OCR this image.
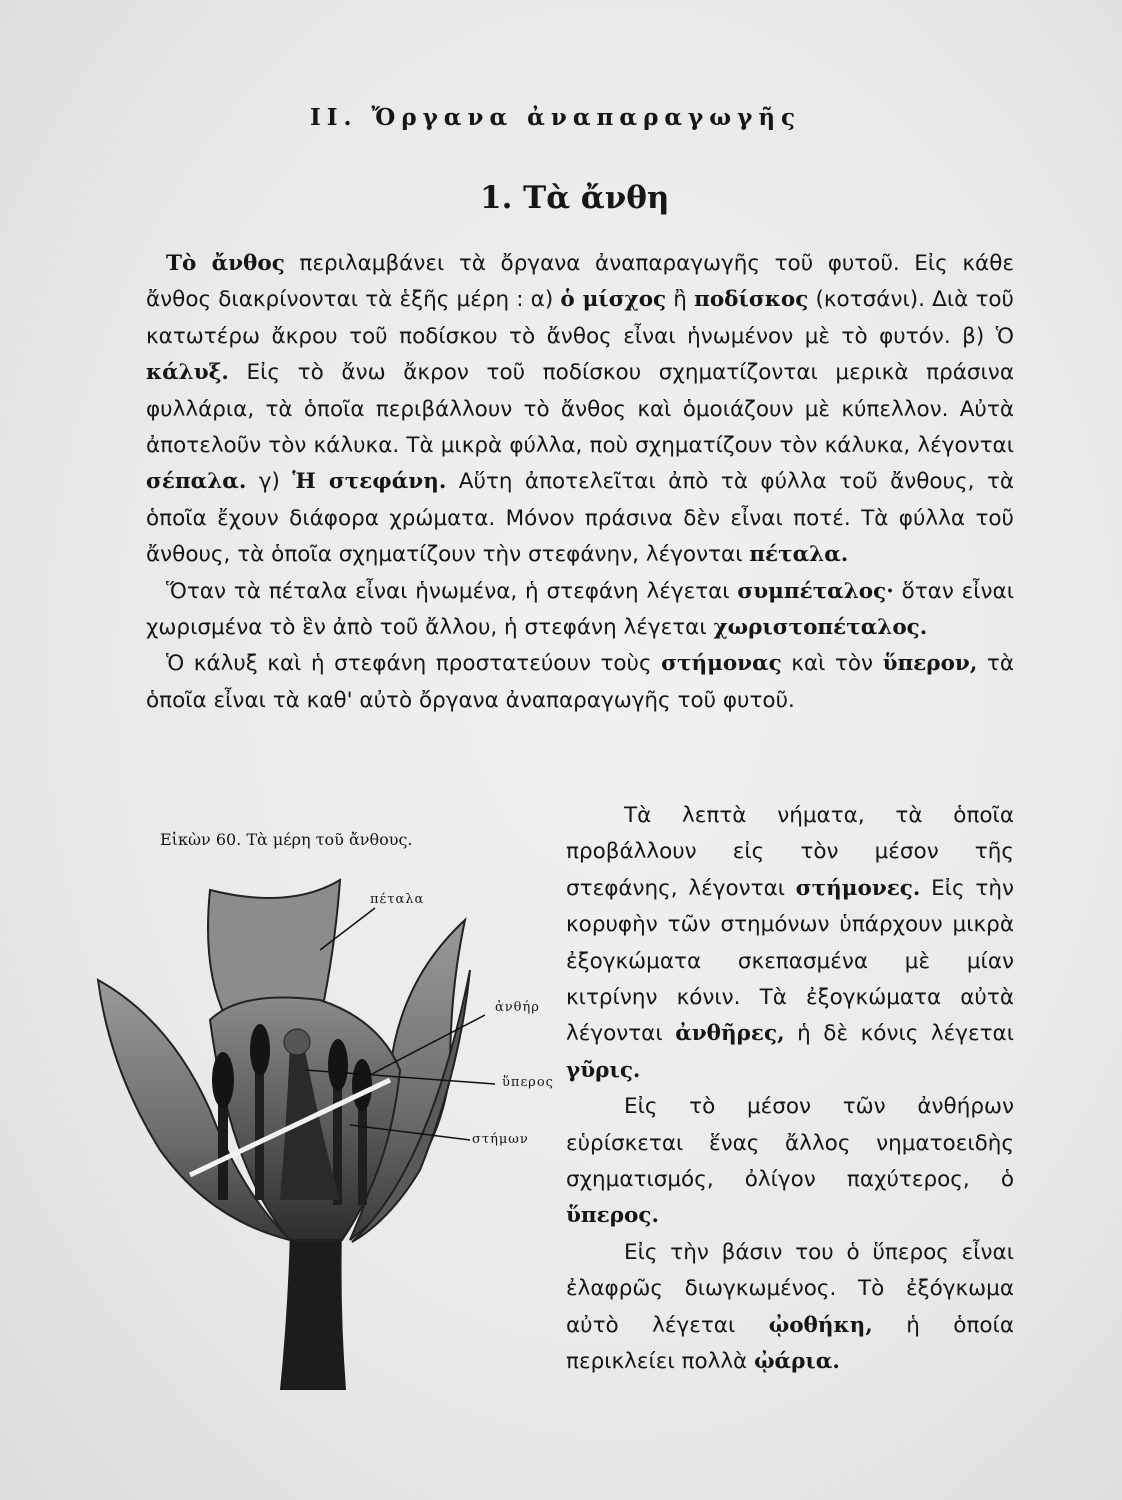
ΙΙ. Ὄργανα ἀναπαραγωγῆς
1. Τὰ ἄνθη

Τὸ ἄνθος περιλαμβάνει τὰ ὄργανα ἀναπαραγωγῆς τοῦ φυτοῦ. Εἰς κάθε ἄνθος διακρίνονται τὰ ἑξῆς μέρη : α) ὁ μίσχος ἢ ποδίσκος (κοτσάνι). Διὰ τοῦ κατωτέρω ἄκρου τοῦ ποδίσκου τὸ ἄνθος εἶναι ἡνωμένον μὲ τὸ φυτόν. β) Ὁ κάλυξ. Εἰς τὸ ἄνω ἄκρον τοῦ ποδίσκου σχηματίζονται μερικὰ πράσινα φυλλάρια, τὰ ὁποῖα περιβάλλουν τὸ ἄνθος καὶ ὁμοιάζουν μὲ κύπελλον. Αὐτὰ ἀποτελοῦν τὸν κάλυκα. Τὰ μικρὰ φύλλα, ποὺ σχηματίζουν τὸν κάλυκα, λέγονται σέπαλα. γ) Ἡ στεφάνη. Αὕτη ἀποτελεῖται ἀπὸ τὰ φύλλα τοῦ ἄνθους, τὰ ὁποῖα ἔχουν διάφορα χρώματα. Μόνον πράσινα δὲν εἶναι ποτέ. Τὰ φύλλα τοῦ ἄνθους, τὰ ὁποῖα σχηματίζουν τὴν στεφάνην, λέγονται πέταλα.

Ὅταν τὰ πέταλα εἶναι ἡνωμένα, ἡ στεφάνη λέγεται συμπέταλος· ὅταν εἶναι χωρισμένα τὸ ἓν ἀπὸ τοῦ ἄλλου, ἡ στεφάνη λέγεται χωριστοπέταλος.

Ὁ κάλυξ καὶ ἡ στεφάνη προστατεύουν τοὺς στήμονας καὶ τὸν ὕπερον, τὰ ὁποῖα εἶναι τὰ καθ' αὐτὸ ὄργανα ἀναπαραγωγῆς τοῦ φυτοῦ.

Τὰ λεπτὰ νήματα, τὰ ὁποῖα προβάλλουν εἰς τὸν μέσον τῆς στεφάνης, λέγονται στήμονες. Εἰς τὴν κορυφὴν τῶν στημόνων ὑπάρχουν μικρὰ ἐξογκώματα σκεπασμένα μὲ μίαν κιτρίνην κόνιν. Τὰ ἐξογκώματα αὐτὰ λέγονται ἀνθῆρες, ἡ δὲ κόνις λέγεται γῦρις.

Εἰς τὸ μέσον τῶν ἀνθήρων εὑρίσκεται ἕνας ἄλλος νηματοειδὴς σχηματισμός, ὀλίγον παχύτερος, ὁ ὕπερος.

Εἰς τὴν βάσιν του ὁ ὕπερος εἶναι ἐλαφρῶς διωγκωμένος. Τὸ ἐξόγκωμα αὐτὸ λέγεται ᾠοθήκη, ἡ ὁποία περικλείει πολλὰ ᾠάρια.

Εἰκὼν 60. Τὰ μέρη τοῦ ἄνθους.
πέταλα
ἀνθήρ
ὕπερος
στήμων
